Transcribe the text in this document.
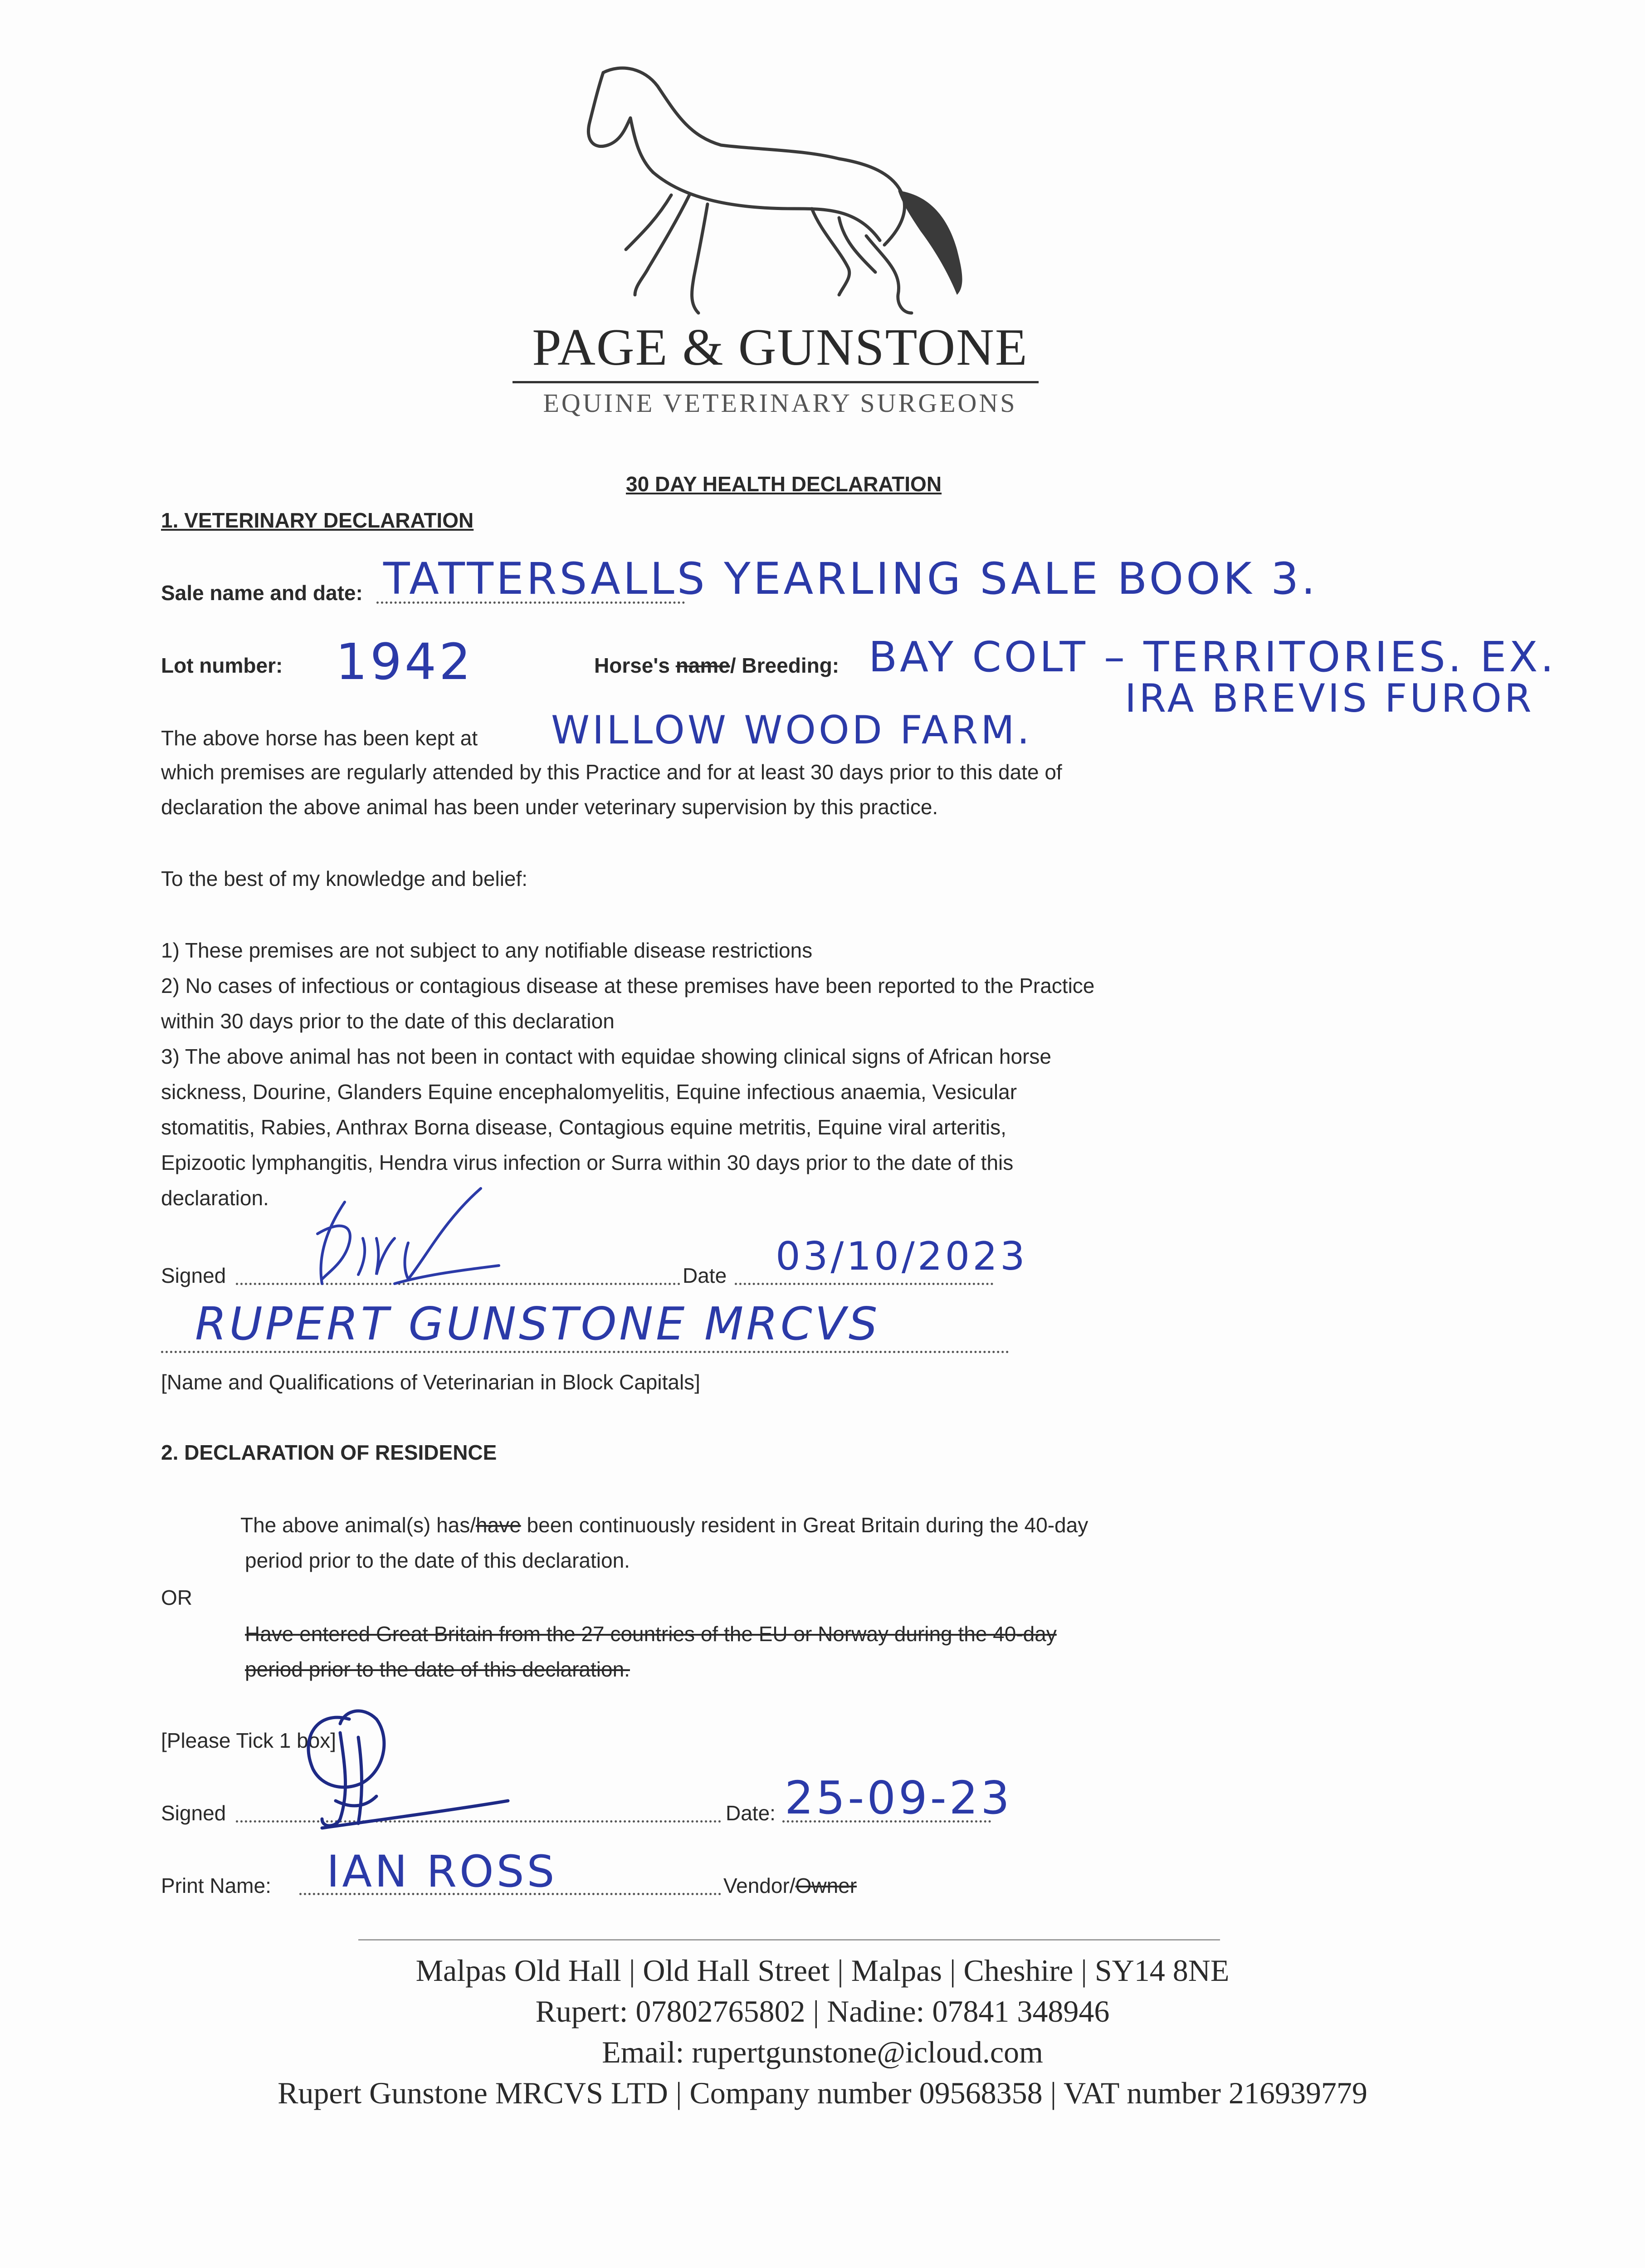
PAGE & GUNSTONE
EQUINE VETERINARY SURGEONS
30 DAY HEALTH DECLARATION
1. VETERINARY DECLARATION
Sale name and date: TATTERSALLS YEARLING SALE BOOK 3.
Lot number: 1942	Horse's name/ Breeding: BAY COLT – TERRITORIES. EX.
IRA BREVIS FUROR
The above horse has been kept at WILLOW WOOD FARM.
which premises are regularly attended by this Practice and for at least 30 days prior to this date of
declaration the above animal has been under veterinary supervision by this practice.
To the best of my knowledge and belief:
1) These premises are not subject to any notifiable disease restrictions
2) No cases of infectious or contagious disease at these premises have been reported to the Practice
within 30 days prior to the date of this declaration
3) The above animal has not been in contact with equidae showing clinical signs of African horse
sickness, Dourine, Glanders Equine encephalomyelitis, Equine infectious anaemia, Vesicular
stomatitis, Rabies, Anthrax Borna disease, Contagious equine metritis, Equine viral arteritis,
Epizootic lymphangitis, Hendra virus infection or Surra within 30 days prior to the date of this
declaration.
Signed	Date 03/10/2023
RUPERT GUNSTONE MRCVS
[Name and Qualifications of Veterinarian in Block Capitals]
2. DECLARATION OF RESIDENCE
The above animal(s) has/have been continuously resident in Great Britain during the 40-day
period prior to the date of this declaration.
OR
Have entered Great Britain from the 27 countries of the EU or Norway during the 40-day
period prior to the date of this declaration.
[Please Tick 1 box]
Signed	Date: 25-09-23
Print Name: IAN ROSS	Vendor/Owner
Malpas Old Hall | Old Hall Street | Malpas | Cheshire | SY14 8NE
Rupert: 07802765802 | Nadine: 07841 348946
Email: rupertgunstone@icloud.com
Rupert Gunstone MRCVS LTD | Company number 09568358 | VAT number 216939779
